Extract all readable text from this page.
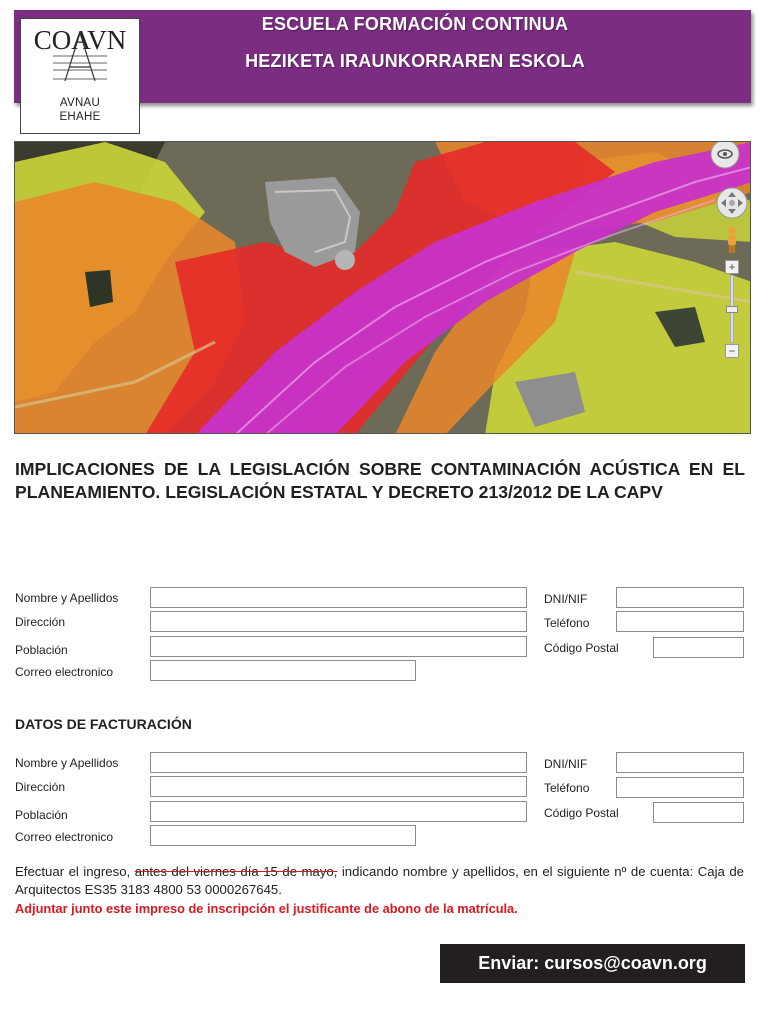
ESCUELA FORMACIÓN CONTINUA
HEZIKETA IRAUNKORRAREN ESKOLA
COAVN
AVNAU
EHAHE
+
−
IMPLICACIONES DE LA LEGISLACIÓN SOBRE CONTAMINACIÓN ACÚSTICA EN EL PLANEAMIENTO. LEGISLACIÓN ESTATAL Y DECRETO 213/2012 DE LA CAPV
Nombre y Apellidos	DNI/NIF
Dirección	Teléfono
Población	Código Postal
Correo electronico
DATOS DE FACTURACIÓN
Nombre y Apellidos	DNI/NIF
Dirección	Teléfono
Población	Código Postal
Correo electronico
Efectuar el ingreso, antes del viernes día 15 de mayo, indicando nombre y apellidos, en el siguiente nº de cuenta: Caja de Arquitectos ES35 3183 4800 53 0000267645.
Adjuntar junto este impreso de inscripción el justificante de abono de la matrícula.
Enviar: cursos@coavn.org
